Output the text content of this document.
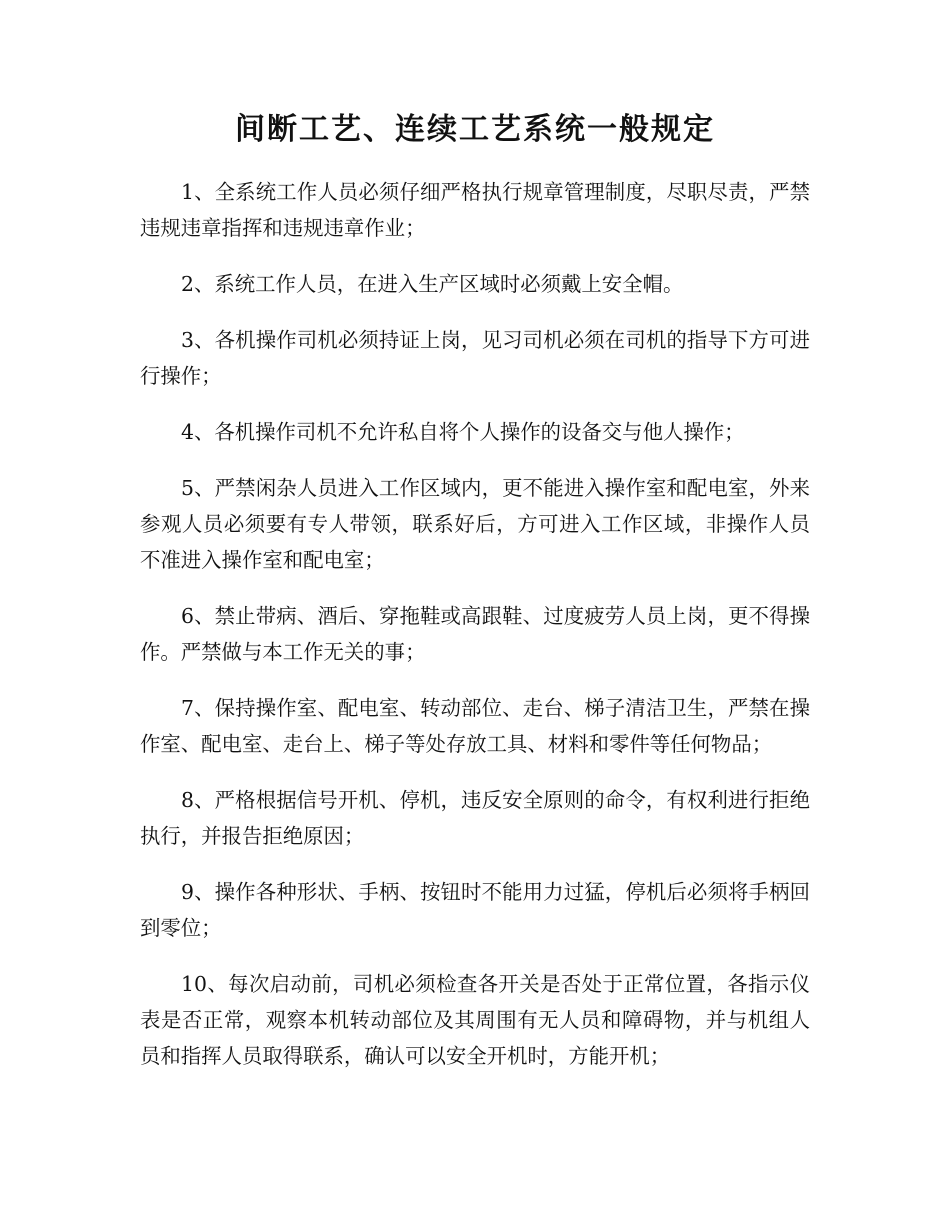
间断工艺、连续工艺系统一般规定

1、全系统工作人员必须仔细严格执行规章管理制度，尽职尽责，严禁违规违章指挥和违规违章作业；

2、系统工作人员，在进入生产区域时必须戴上安全帽。

3、各机操作司机必须持证上岗，见习司机必须在司机的指导下方可进行操作；

4、各机操作司机不允许私自将个人操作的设备交与他人操作；

5、严禁闲杂人员进入工作区域内，更不能进入操作室和配电室，外来参观人员必须要有专人带领，联系好后，方可进入工作区域，非操作人员不准进入操作室和配电室；

6、禁止带病、酒后、穿拖鞋或高跟鞋、过度疲劳人员上岗，更不得操作。严禁做与本工作无关的事；

7、保持操作室、配电室、转动部位、走台、梯子清洁卫生，严禁在操作室、配电室、走台上、梯子等处存放工具、材料和零件等任何物品；

8、严格根据信号开机、停机，违反安全原则的命令，有权利进行拒绝执行，并报告拒绝原因；

9、操作各种形状、手柄、按钮时不能用力过猛，停机后必须将手柄回到零位；

10、每次启动前，司机必须检查各开关是否处于正常位置，各指示仪表是否正常，观察本机转动部位及其周围有无人员和障碍物，并与机组人员和指挥人员取得联系，确认可以安全开机时，方能开机；
